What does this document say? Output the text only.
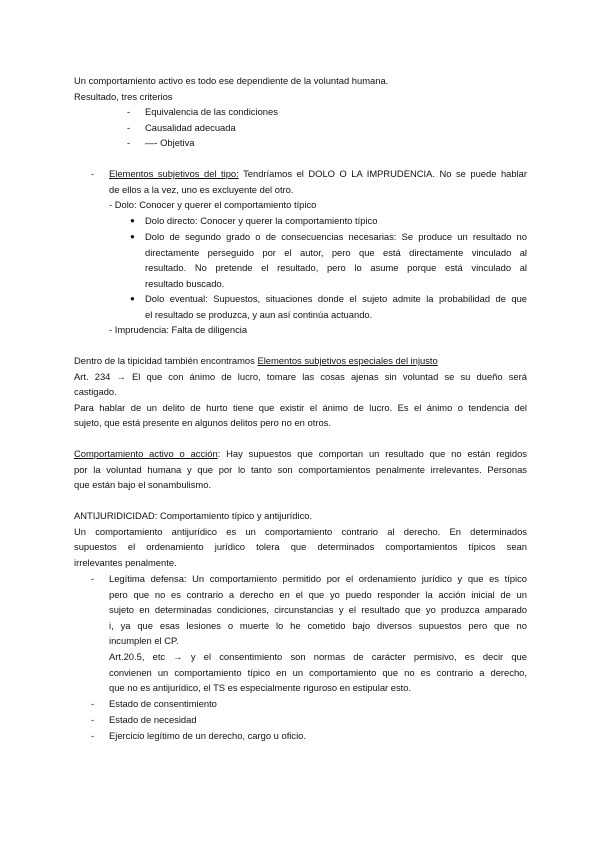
Un comportamiento activo es todo ese dependiente de la voluntad humana.
Resultado, tres criterios
- Equivalencia de las condiciones
- Causalidad adecuada
- —- Objetiva
- Elementos subjetivos del tipo: Tendríamos el DOLO O LA IMPRUDENCIA. No se puede hablar
de ellos a la vez, uno es excluyente del otro.
- Dolo: Conocer y querer el comportamiento típico
● Dolo directo: Conocer y querer la comportamiento típico
● Dolo de segundo grado o de consecuencias necesarias: Se produce un resultado no
directamente perseguido por el autor, pero que está directamente vinculado al
resultado. No pretende el resultado, pero lo asume porque está vinculado al
resultado buscado.
● Dolo eventual: Supuestos, situaciones donde el sujeto admite la probabilidad de que
el resultado se produzca, y aun así continúa actuando.
- Imprudencia: Falta de diligencia
Dentro de la tipicidad también encontramos Elementos subjetivos especiales del injusto
Art. 234 → El que con ánimo de lucro, tomare las cosas ajenas sin voluntad se su dueño será
castigado.
Para hablar de un delito de hurto tiene que existir el ánimo de lucro. Es el ánimo o tendencia del
sujeto, que está presente en algunos delitos pero no en otros.
Comportamiento activo o acción: Hay supuestos que comportan un resultado que no están regidos
por la voluntad humana y que por lo tanto son comportamientos penalmente irrelevantes. Personas
que están bajo el sonambulismo.
ANTIJURIDICIDAD: Comportamiento típico y antijurídico.
Un comportamiento antijurídico es un comportamiento contrario al derecho. En determinados
supuestos el ordenamiento jurídico tolera que determinados comportamientos típicos sean
irrelevantes penalmente.
- Legítima defensa: Un comportamiento permitido por el ordenamiento jurídico y que es típico
pero que no es contrario a derecho en el que yo puedo responder la acción inicial de un
sujeto en determinadas condiciones, circunstancias y el resultado que yo produzca amparado
i, ya que esas lesiones o muerte lo he cometido bajo diversos supuestos pero que no
incumplen el CP.
Art.20.5, etc → y el consentimiento son normas de carácter permisivo, es decir que
convienen un comportamiento típico en un comportamiento que no es contrario a derecho,
que no es antijurídico, el TS es especialmente riguroso en estipular esto.
- Estado de consentimiento
- Estado de necesidad
- Ejercicio legítimo de un derecho, cargo u oficio.
